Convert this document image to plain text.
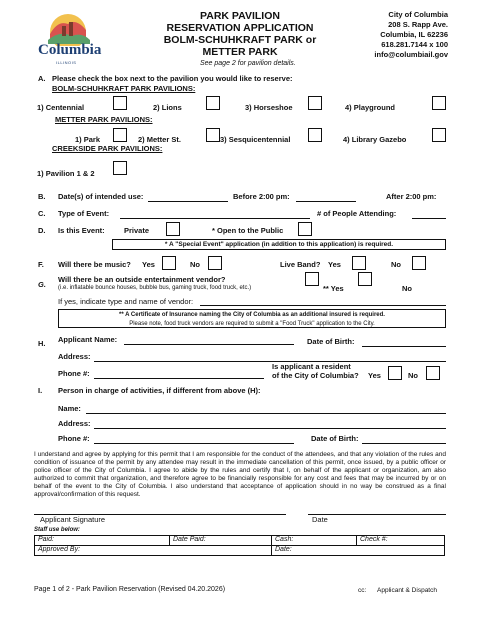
Columbia
ILLINOIS
PARK PAVILION
RESERVATION APPLICATION
BOLM-SCHUHKRAFT PARK or
METTER PARK
See page 2 for pavilion details.
City of Columbia
208 S. Rapp Ave.
Columbia, IL 62236
618.281.7144 x 100
info@columbiail.gov
A. Please check the box next to the pavilion you would like to reserve:
BOLM-SCHUHKRAFT PARK PAVILIONS:
1) Centennial	2) Lions	3) Horseshoe	4) Playground
METTER PARK PAVILIONS:
1) Park	2) Metter St.	3) Sesquicentennial	4) Library Gazebo
CREEKSIDE PARK PAVILIONS:
1) Pavilion 1 & 2
B. Date(s) of intended use:	Before 2:00 pm:	After 2:00 pm:
C. Type of Event:	# of People Attending:
D. Is this Event:	Private	* Open to the Public
* A "Special Event" application (in addition to this application) is required.
F. Will there be music? Yes	No	Live Band? Yes	No
G.
Will there be an outside entertainment vendor?
(i.e. inflatable bounce houses, bubble bus, gaming truck, food truck, etc.)	** Yes	No
If yes, indicate type and name of vendor:
** A Certificate of Insurance naming the City of Columbia as an additional insured is required.
Please note, food truck vendors are required to submit a "Food Truck" application to the City.
H. Applicant Name:	Date of Birth:
Address:
Phone #:
Is applicant a resident
of the City of Columbia? Yes	No
I. Person in charge of activities, if different from above (H):
Name:
Address:
Phone #:	Date of Birth:
I understand and agree by applying for this permit that I am responsible for the conduct of the attendees, and that any violation of the rules and condition of issuance of the permit by any attendee may result in the immediate cancellation of this permit, once issued, by a public officer or police officer of the City of Columbia. I agree to abide by the rules and certify that I, on behalf of the applicant or organization, am also authorized to commit that organization, and therefore agree to be financially responsible for any cost and fees that may be incurred by or on behalf of the event to the City of Columbia. I also understand that acceptance of application should in no way be construed as a final approval/confirmation of this request.
Applicant Signature	Date
Staff use below:
Paid:	Date Paid:	Cash:	Check #:
Approved By:		Date:	
Page 1 of 2 - Park Pavilion Reservation (Revised 04.20.2026)	cc: Applicant & Dispatch
